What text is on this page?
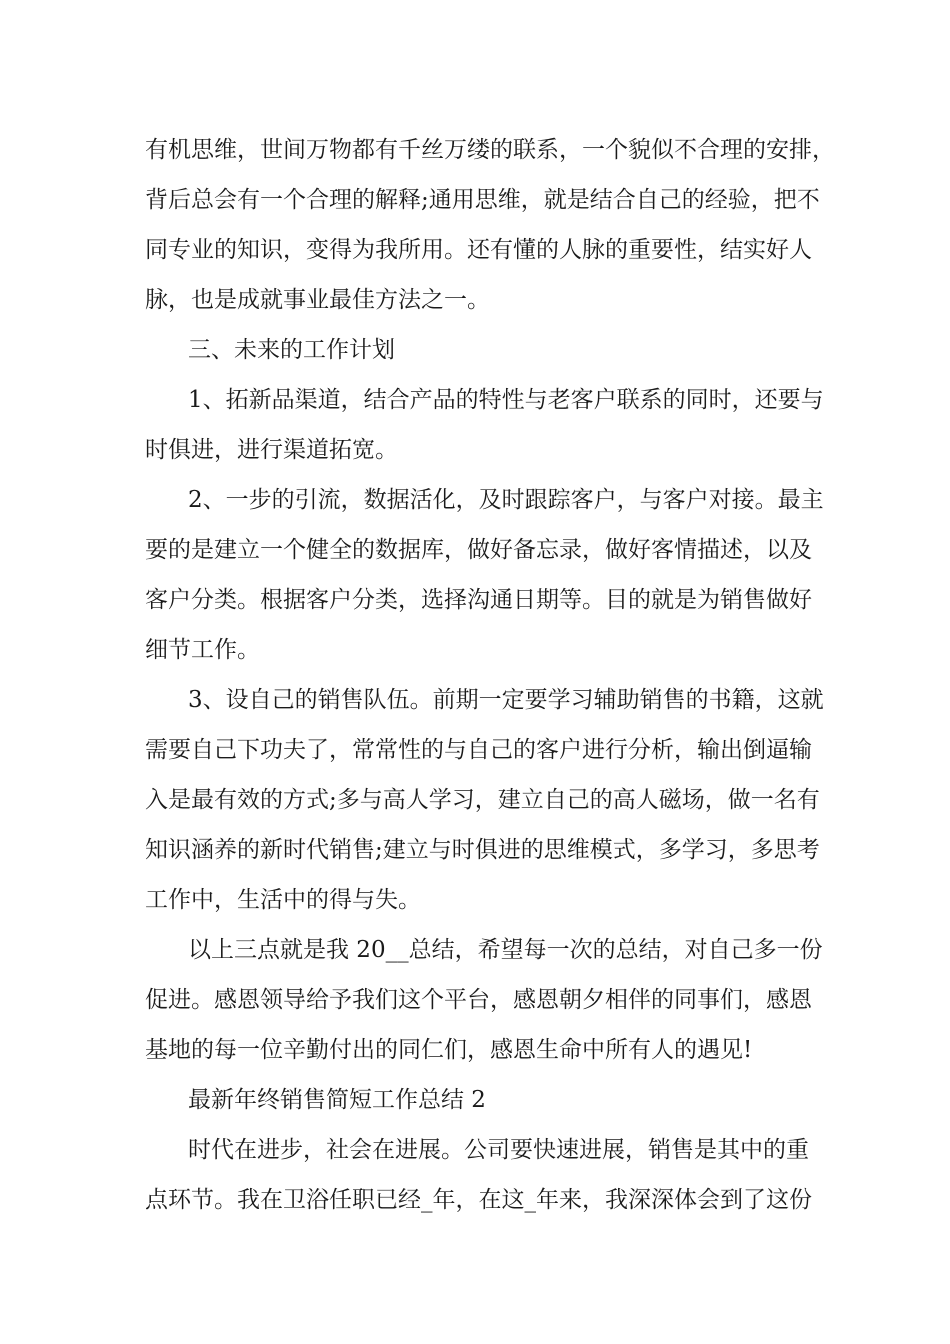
有机思维，世间万物都有千丝万缕的联系，一个貌似不合理的安排，
背后总会有一个合理的解释;通用思维，就是结合自己的经验，把不
同专业的知识，变得为我所用。还有懂的人脉的重要性，结实好人
脉，也是成就事业最佳方法之一。
三、未来的工作计划
1、拓新品渠道，结合产品的特性与老客户联系的同时，还要与
时俱进，进行渠道拓宽。
2、一步的引流，数据活化，及时跟踪客户，与客户对接。最主
要的是建立一个健全的数据库，做好备忘录，做好客情描述，以及
客户分类。根据客户分类，选择沟通日期等。目的就是为销售做好
细节工作。
3、设自己的销售队伍。前期一定要学习辅助销售的书籍，这就
需要自己下功夫了，常常性的与自己的客户进行分析，输出倒逼输
入是最有效的方式;多与高人学习，建立自己的高人磁场，做一名有
知识涵养的新时代销售;建立与时俱进的思维模式，多学习，多思考
工作中，生活中的得与失。
以上三点就是我 20__总结，希望每一次的总结，对自己多一份
促进。感恩领导给予我们这个平台，感恩朝夕相伴的同事们，感恩
基地的每一位辛勤付出的同仁们，感恩生命中所有人的遇见!
最新年终销售简短工作总结 2
时代在进步，社会在进展。公司要快速进展，销售是其中的重
点环节。我在卫浴任职已经_年，在这_年来，我深深体会到了这份
